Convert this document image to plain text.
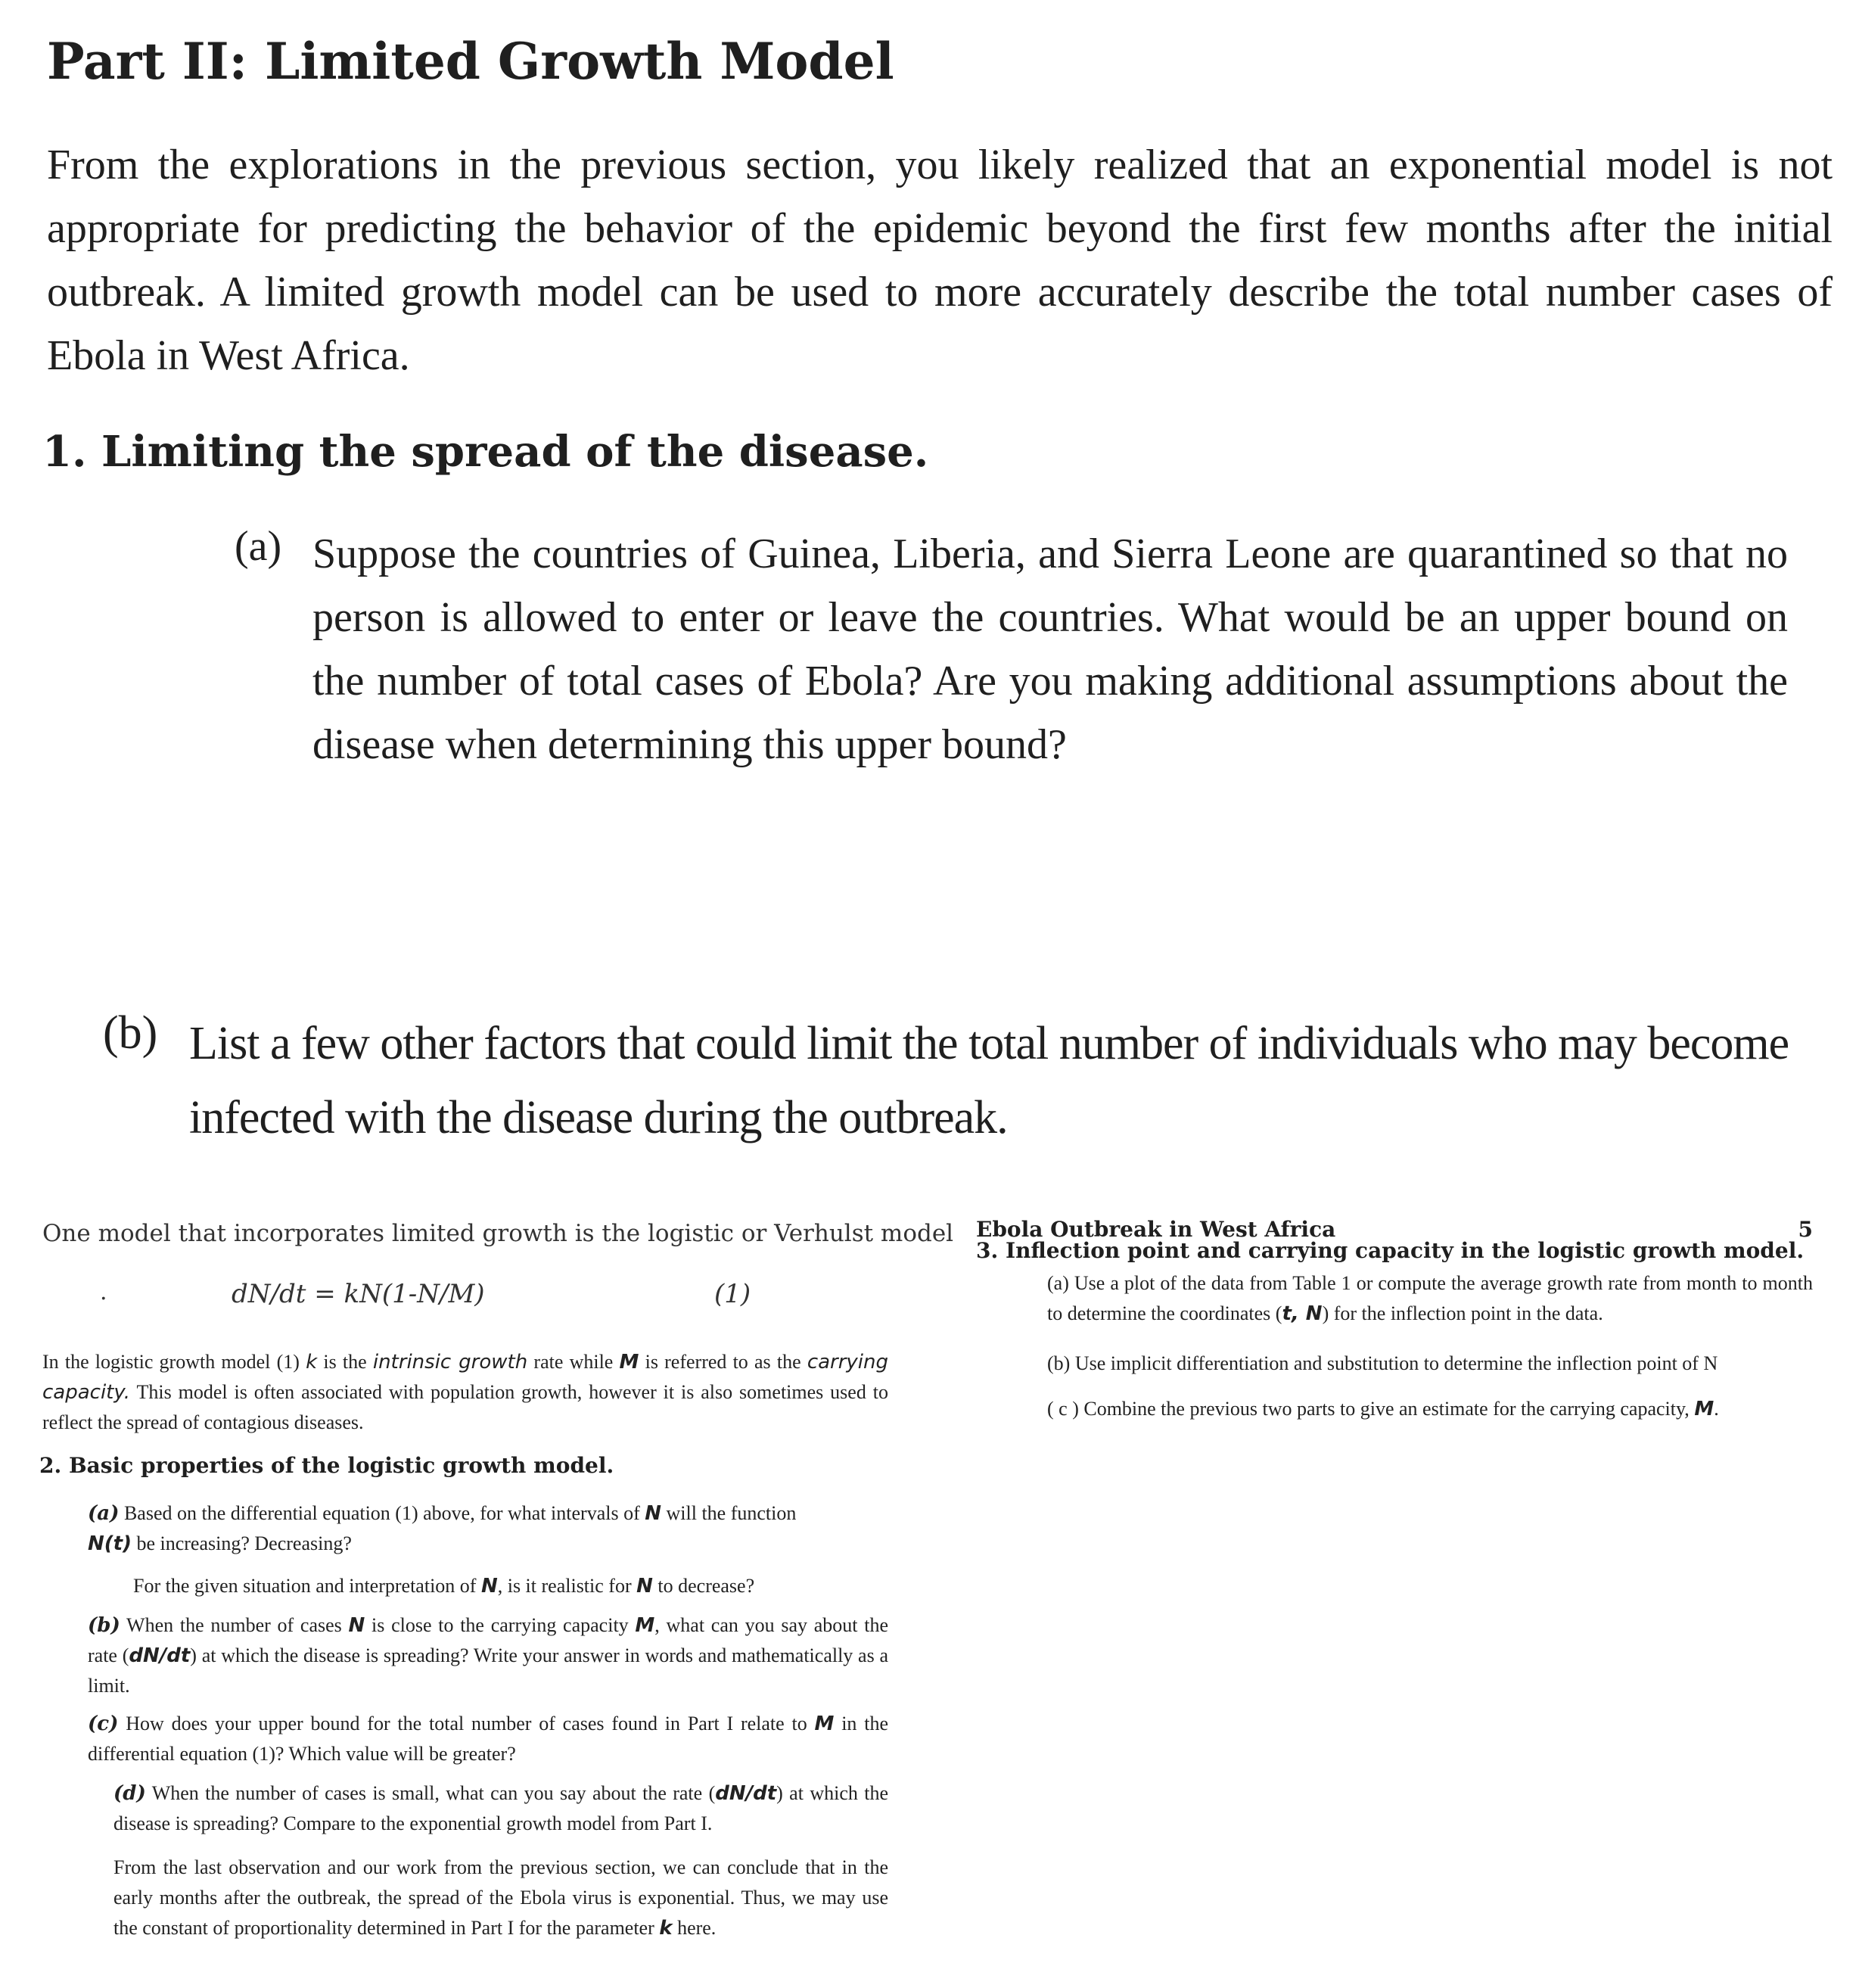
Part II: Limited Growth Model

From the explorations in the previous section, you likely realized that an exponential model is not appropriate for predicting the behavior of the epidemic beyond the first few months after the initial outbreak. A limited growth model can be used to more accurately describe the total number cases of Ebola in West Africa.

1. Limiting the spread of the disease.
(a) Suppose the countries of Guinea, Liberia, and Sierra Leone are quarantined so that no person is allowed to enter or leave the countries. What would be an upper bound on the number of total cases of Ebola? Are you making additional assumptions about the disease when determining this upper bound?

(b) List a few other factors that could limit the total number of individuals who may become infected with the disease during the outbreak.

One model that incorporates limited growth is the logistic or Verhulst model

.	dN/dt = kN(1-N/M)	(1)

In the logistic growth model (1) k is the intrinsic growth rate while M is referred to as the carrying capacity. This model is often associated with population growth, however it is also sometimes used to reflect the spread of contagious diseases.

2. Basic properties of the logistic growth model.

(a) Based on the differential equation (1) above, for what intervals of N will the function
N(t) be increasing? Decreasing?

For the given situation and interpretation of N, is it realistic for N to decrease?

(b) When the number of cases N is close to the carrying capacity M, what can you say about the rate (dN/dt) at which the disease is spreading? Write your answer in words and mathematically as a limit.

(c) How does your upper bound for the total number of cases found in Part I relate to M in the differential equation (1)? Which value will be greater?

(d) When the number of cases is small, what can you say about the rate (dN/dt) at which the disease is spreading? Compare to the exponential growth model from Part I.

From the last observation and our work from the previous section, we can conclude that in the early months after the outbreak, the spread of the Ebola virus is exponential. Thus, we may use the constant of proportionality determined in Part I for the parameter k here.

Ebola Outbreak in West Africa	5
3. Inflection point and carrying capacity in the logistic growth model.

(a) Use a plot of the data from Table 1 or compute the average growth rate from month to month to determine the coordinates (t, N) for the inflection point in the data.

(b) Use implicit differentiation and substitution to determine the inflection point of N

( c ) Combine the previous two parts to give an estimate for the carrying capacity, M.
